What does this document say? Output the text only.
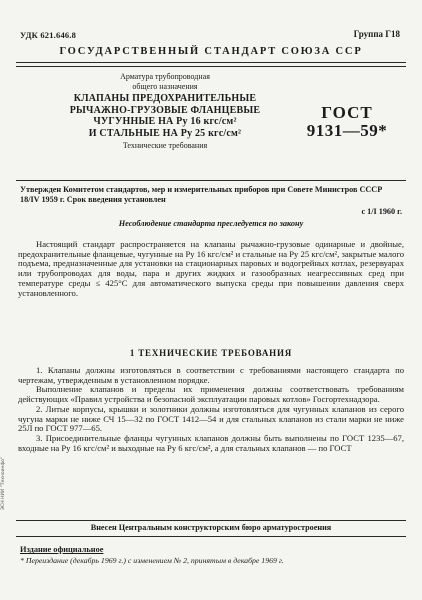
УДК 621.646.8	Группа Г18
ГОСУДАРСТВЕННЫЙ СТАНДАРТ СОЮЗА ССР
Арматура трубопроводная
общего назначения
КЛАПАНЫ ПРЕДОХРАНИТЕЛЬНЫЕ
РЫЧАЖНО-ГРУЗОВЫЕ ФЛАНЦЕВЫЕ
ЧУГУННЫЕ НА Pу 16 кгс/см²
И СТАЛЬНЫЕ НА Pу 25 кгс/см²
Технические требования
ГОСТ
9131—59*
Утвержден Комитетом стандартов, мер и измерительных приборов при Совете Министров СССР 18/IV 1959 г. Срок введения установлен
с 1/I 1960 г.
Несоблюдение стандарта преследуется по закону
Настоящий стандарт распространяется на клапаны рычажно-грузовые одинарные и двойные, предохранительные фланцевые, чугунные на Pу 16 кгс/см² и стальные на Pу 25 кгс/см², закрытые малого подъема, предназначенные для установки на стационарных паровых и водогрейных котлах, резервуарах или трубопроводах для воды, пара и других жидких и газообразных неагрессивных сред при температуре среды ≤ 425°C для автоматического выпуска среды при повышении давления сверх установленного.
1 ТЕХНИЧЕСКИЕ ТРЕБОВАНИЯ

1. Клапаны должны изготовляться в соответствии с требованиями настоящего стандарта по чертежам, утвержденным в установленном порядке.

Выполнение клапанов и пределы их применения должны соответствовать требованиям действующих «Правил устройства и безопасной эксплуатации паровых котлов» Госгортехнадзора.

2. Литые корпусы, крышки и золотники должны изготовляться для чугунных клапанов из серого чугуна марки не ниже СЧ 15—32 по ГОСТ 1412—54 и для стальных клапанов из стали марки не ниже 25Л по ГОСТ 977—65.

3. Присоединительные фланцы чугунных клапанов должны быть выполнены по ГОСТ 1235—67, входные на Pу 16 кгс/см² и выходные на Pу 6 кгс/см², а для стальных клапанов — по ГОСТ

Внесен Центральным конструкторским бюро арматуростроения
Издание официальное
* Переиздание (декабрь 1969 г.) с изменением № 2, принятым в декабре 1969 г.
ЭСН НИИ "Техноинфо"
